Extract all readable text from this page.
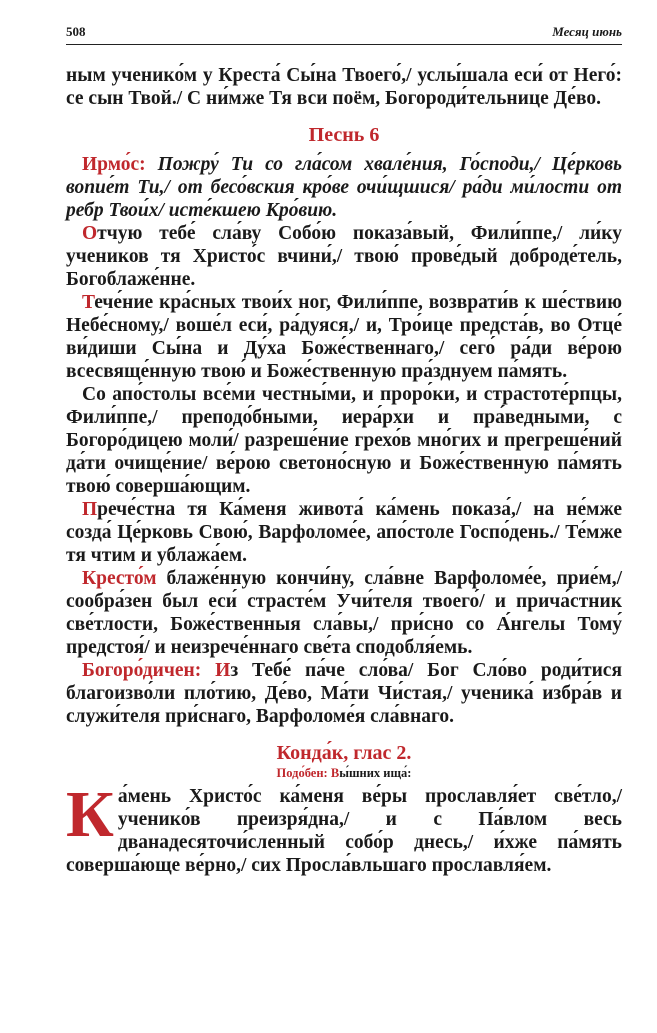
508	Месяц июнь

ным ученико́м у Креста́ Сы́на Твоего́,/ услы́шала еси́ от Него́: се сын Твой./ С ни́мже Тя вси поём, Богороди́тельнице Де́во.

Песнь 6

Ирмо́с: Пожру́ Ти со гла́сом хвале́ния, Го́споди,/ Це́рковь вопие́т Ти,/ от бесо́вския кро́ве очи́щшися/ ра́ди ми́лости от ребр Твои́х/ исте́кшею Кро́вию.

Отчую тебе́ сла́ву Собо́ю показа́вый, Фили́ппе,/ ли́ку учеников тя Христо́с вчини́,/ твою́ прове́дый доброде́тель, Богоблаже́нне.

Тече́ние кра́сных твои́х ног, Фили́ппе, возврати́в к ше́ствию Небе́сному,/ воше́л еси́, ра́дуяся,/ и, Тро́ице предста́в, во Отце́ ви́диши Сы́на и Ду́ха Боже́ственнаго,/ сего́ ра́ди ве́рою всесвяще́нную твою́ и Боже́ственную пра́зднуем па́мять.

Со апо́столы все́ми честны́ми, и проро́ки, и страстоте́рпцы, Фили́ппе,/ преподо́бными, иера́рхи и пра́ведными, с Богоро́дицею моли́/ разреше́ние грехо́в мно́гих и прегреше́ний да́ти очище́ние/ ве́рою светоно́сную и Боже́ственную па́мять твою́ соверша́ющим.

Прече́стна тя Ка́меня живота́ ка́мень показа́,/ на не́мже созда́ Це́рковь Свою́, Варфоломе́е, апо́столе Госпо́день./ Те́мже тя чтим и ублажа́ем.

Кресто́м блаже́нную кончи́ну, сла́вне Варфоломе́е, прие́м,/ сообра́зен был еси́ страсте́м Учи́теля твоего́/ и прича́стник све́тлости, Боже́ственныя сла́вы,/ при́сно со А́нгелы Тому́ предстоя́/ и неизрече́ннаго све́та сподобля́емь.

Богоро́дичен: Из Тебе́ па́че сло́ва/ Бог Сло́во роди́тися благоизво́ли пло́тию, Де́во, Ма́ти Чи́стая,/ ученика́ избра́в и служи́теля при́снаго, Варфоломе́я сла́внаго.

Конда́к, глас 2.
Подо́бен: Вы́шних ища́:

Ка́мень Христо́с ка́меня ве́ры прославля́ет све́тло,/ ученико́в преизря́дна,/ и с Па́влом весь дванадесяточи́сленный собо́р днесь,/ и́хже па́мять соверша́юще ве́рно,/ сих Просла́вльшаго прославля́ем.
